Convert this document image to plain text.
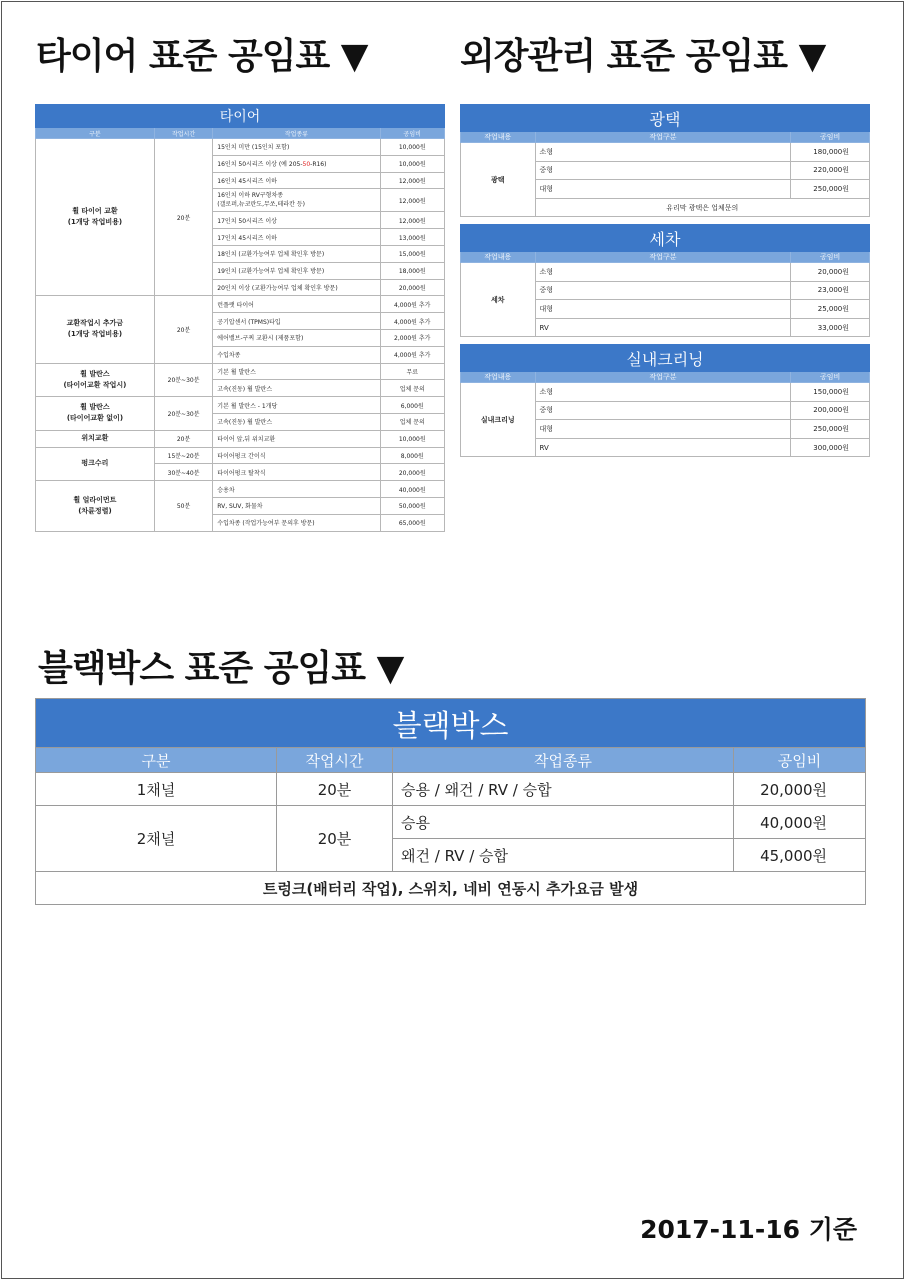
타이어 표준 공임표 ▼	외장관리 표준 공임표 ▼
블랙박스 표준 공임표 ▼
타이어			
구분	작업시간	작업종류	공임비
휠 타이어 교환
(1개당 작업비용)	20분	15인치 미만 (15인치 포함)	10,000원
		16인치 50시리즈 이상 (예 205-50-R16)	10,000원
		16인치 45시리즈 이하	12,000원
		16인치 이하 RV구형차종
(갤로퍼,뉴코란도,무쏘,테라칸 등)	12,000원
		17인치 50시리즈 이상	12,000원
		17인치 45시리즈 이하	13,000원
		18인치 (교환가능여부 업체 확인후 방문)	15,000원
		19인치 (교환가능여부 업체 확인후 방문)	18,000원
		20인치 이상 (교환가능여부 업체 확인후 방문)	20,000원
교환작업시 추가금
(1개당 작업비용)	20분	런플랫 타이어	4,000원 추가
		공기압센서 (TPMS)타입	4,000원 추가
		에어밸브-구찌 교환시 (제품포함)	2,000원 추가
		수입차종	4,000원 추가
휠 발란스
(타이어교환 작업시)	20분~30분	기본 휠 발란스	무료
		고속(진동) 휠 발란스	업체 문의
휠 발란스
(타이어교환 없이)	20분~30분	기본 휠 발란스 - 1개당	6,000원
		고속(진동) 휠 발란스	업체 문의
위치교환	20분	타이어 앞,뒤 위치교환	10,000원
펑크수리	15분~20분	타이어펑크 간이식	8,000원
	30분~40분	타이어펑크 탈착식	20,000원
휠 얼라이먼트
(차륜정렬)	50분	승용차	40,000원
		RV, SUV, 화물차	50,000원
		수입차종 (작업가능여부 문의후 방문)	65,000원
광택		
작업내용	작업구분	공임비
광택	소형	180,000원
	중형	220,000원
	대형	250,000원
	유리막 광택은 업체문의	
세차		
작업내용	작업구분	공임비
세차	소형	20,000원
	중형	23,000원
	대형	25,000원
	RV	33,000원
실내크리닝		
작업내용	작업구분	공임비
실내크리닝	소형	150,000원
	중형	200,000원
	대형	250,000원
	RV	300,000원
블랙박스			
구분	작업시간	작업종류	공임비
1채널	20분	승용 / 왜건 / RV / 승합	20,000원
2채널	20분	승용	40,000원
		왜건 / RV / 승합	45,000원
트렁크(배터리 작업), 스위치, 네비 연동시 추가요금 발생			
2017-11-16 기준
